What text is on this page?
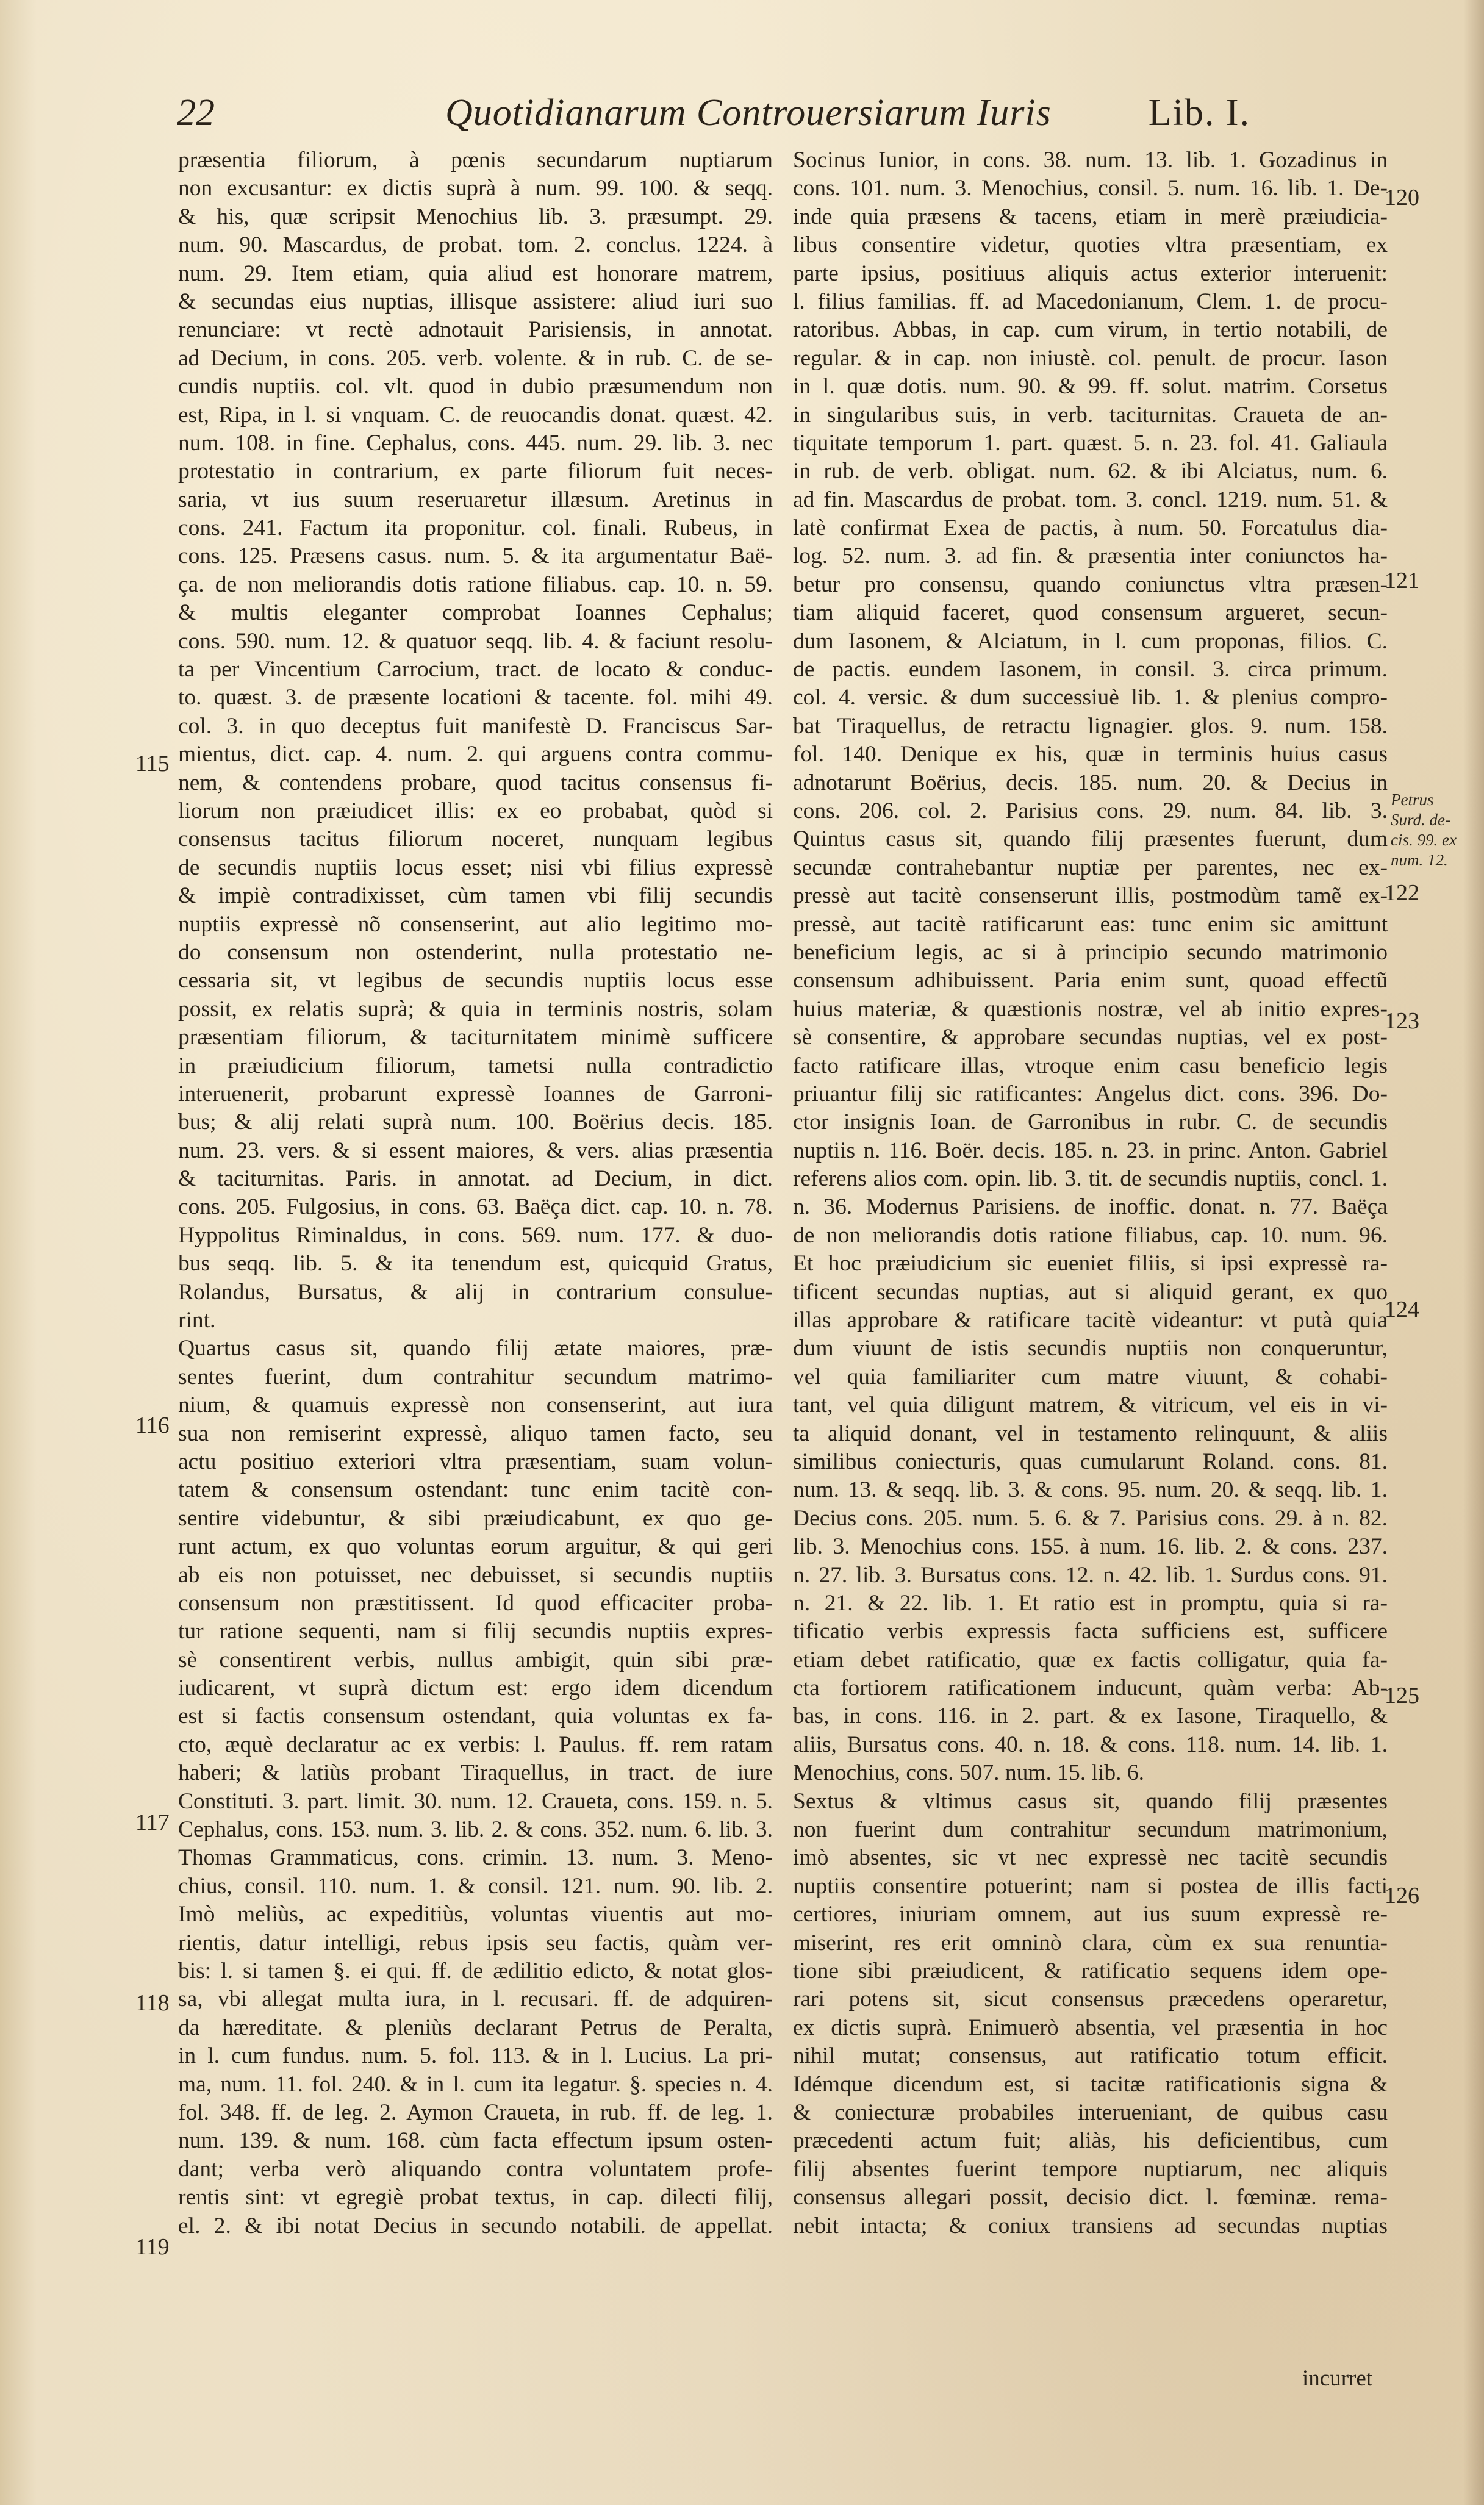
22	Quotidianarum Controuersiarum Iuris	Lib. I.
præsentia filiorum, à pœnis secundarum nuptiarum
non excusantur: ex dictis suprà à num. 99. 100. & seqq.
& his, quæ scripsit Menochius lib. 3. præsumpt. 29.
num. 90. Mascardus, de probat. tom. 2. conclus. 1224. à
num. 29. Item etiam, quia aliud est honorare matrem,
& secundas eius nuptias, illisque assistere: aliud iuri suo
renunciare: vt rectè adnotauit Parisiensis, in annotat.
ad Decium, in cons. 205. verb. volente. & in rub. C. de se-
cundis nuptiis. col. vlt. quod in dubio præsumendum non
est, Ripa, in l. si vnquam. C. de reuocandis donat. quæst. 42.
num. 108. in fine. Cephalus, cons. 445. num. 29. lib. 3. nec
protestatio in contrarium, ex parte filiorum fuit neces-
saria, vt ius suum reseruaretur illæsum. Aretinus in
cons. 241. Factum ita proponitur. col. finali. Rubeus, in
cons. 125. Præsens casus. num. 5. & ita argumentatur Baë-
ça. de non meliorandis dotis ratione filiabus. cap. 10. n. 59.
& multis eleganter comprobat Ioannes Cephalus;
cons. 590. num. 12. & quatuor seqq. lib. 4. & faciunt resolu-
ta per Vincentium Carrocium, tract. de locato & conduc-
to. quæst. 3. de præsente locationi & tacente. fol. mihi 49.
col. 3. in quo deceptus fuit manifestè D. Franciscus Sar-
mientus, dict. cap. 4. num. 2. qui arguens contra commu-
nem, & contendens probare, quod tacitus consensus fi-
liorum non præiudicet illis: ex eo probabat, quòd si
consensus tacitus filiorum noceret, nunquam legibus
de secundis nuptiis locus esset; nisi vbi filius expressè
& impiè contradixisset, cùm tamen vbi filij secundis
nuptiis expressè nõ consenserint, aut alio legitimo mo-
do consensum non ostenderint, nulla protestatio ne-
cessaria sit, vt legibus de secundis nuptiis locus esse
possit, ex relatis suprà; & quia in terminis nostris, solam
præsentiam filiorum, & taciturnitatem minimè sufficere
in præiudicium filiorum, tametsi nulla contradictio
interuenerit, probarunt expressè Ioannes de Garroni-
bus; & alij relati suprà num. 100. Boërius decis. 185.
num. 23. vers. & si essent maiores, & vers. alias præsentia
& taciturnitas. Paris. in annotat. ad Decium, in dict.
cons. 205. Fulgosius, in cons. 63. Baëça dict. cap. 10. n. 78.
Hyppolitus Riminaldus, in cons. 569. num. 177. & duo-
bus seqq. lib. 5. & ita tenendum est, quicquid Gratus,
Rolandus, Bursatus, & alij in contrarium consulue-
rint.
Quartus casus sit, quando filij ætate maiores, præ-
sentes fuerint, dum contrahitur secundum matrimo-
nium, & quamuis expressè non consenserint, aut iura
sua non remiserint expressè, aliquo tamen facto, seu
actu positiuo exteriori vltra præsentiam, suam volun-
tatem & consensum ostendant: tunc enim tacitè con-
sentire videbuntur, & sibi præiudicabunt, ex quo ge-
runt actum, ex quo voluntas eorum arguitur, & qui geri
ab eis non potuisset, nec debuisset, si secundis nuptiis
consensum non præstitissent. Id quod efficaciter proba-
tur ratione sequenti, nam si filij secundis nuptiis expres-
sè consentirent verbis, nullus ambigit, quin sibi præ-
iudicarent, vt suprà dictum est: ergo idem dicendum
est si factis consensum ostendant, quia voluntas ex fa-
cto, æquè declaratur ac ex verbis: l. Paulus. ff. rem ratam
haberi; & latiùs probant Tiraquellus, in tract. de iure
Constituti. 3. part. limit. 30. num. 12. Craueta, cons. 159. n. 5.
Cephalus, cons. 153. num. 3. lib. 2. & cons. 352. num. 6. lib. 3.
Thomas Grammaticus, cons. crimin. 13. num. 3. Meno-
chius, consil. 110. num. 1. & consil. 121. num. 90. lib. 2.
Imò meliùs, ac expeditiùs, voluntas viuentis aut mo-
rientis, datur intelligi, rebus ipsis seu factis, quàm ver-
bis: l. si tamen §. ei qui. ff. de ædilitio edicto, & notat glos-
sa, vbi allegat multa iura, in l. recusari. ff. de adquiren-
da hæreditate. & pleniùs declarant Petrus de Peralta,
in l. cum fundus. num. 5. fol. 113. & in l. Lucius. La pri-
ma, num. 11. fol. 240. & in l. cum ita legatur. §. species n. 4.
fol. 348. ff. de leg. 2. Aymon Craueta, in rub. ff. de leg. 1.
num. 139. & num. 168. cùm facta effectum ipsum osten-
dant; verba verò aliquando contra voluntatem profe-
rentis sint: vt egregiè probat textus, in cap. dilecti filij,
el. 2. & ibi notat Decius in secundo notabili. de appellat.
Socinus Iunior, in cons. 38. num. 13. lib. 1. Gozadinus in
cons. 101. num. 3. Menochius, consil. 5. num. 16. lib. 1. De-
inde quia præsens & tacens, etiam in merè præiudicia-
libus consentire videtur, quoties vltra præsentiam, ex
parte ipsius, positiuus aliquis actus exterior interuenit:
l. filius familias. ff. ad Macedonianum, Clem. 1. de procu-
ratoribus. Abbas, in cap. cum virum, in tertio notabili, de
regular. & in cap. non iniustè. col. penult. de procur. Iason
in l. quæ dotis. num. 90. & 99. ff. solut. matrim. Corsetus
in singularibus suis, in verb. taciturnitas. Craueta de an-
tiquitate temporum 1. part. quæst. 5. n. 23. fol. 41. Galiaula
in rub. de verb. obligat. num. 62. & ibi Alciatus, num. 6.
ad fin. Mascardus de probat. tom. 3. concl. 1219. num. 51. &
latè confirmat Exea de pactis, à num. 50. Forcatulus dia-
log. 52. num. 3. ad fin. & præsentia inter coniunctos ha-
betur pro consensu, quando coniunctus vltra præsen-
tiam aliquid faceret, quod consensum argueret, secun-
dum Iasonem, & Alciatum, in l. cum proponas, filios. C.
de pactis. eundem Iasonem, in consil. 3. circa primum.
col. 4. versic. & dum successiuè lib. 1. & plenius compro-
bat Tiraquellus, de retractu lignagier. glos. 9. num. 158.
fol. 140. Denique ex his, quæ in terminis huius casus
adnotarunt Boërius, decis. 185. num. 20. & Decius in
cons. 206. col. 2. Parisius cons. 29. num. 84. lib. 3.
Quintus casus sit, quando filij præsentes fuerunt, dum
secundæ contrahebantur nuptiæ per parentes, nec ex-
pressè aut tacitè consenserunt illis, postmodùm tamẽ ex-
pressè, aut tacitè ratificarunt eas: tunc enim sic amittunt
beneficium legis, ac si à principio secundo matrimonio
consensum adhibuissent. Paria enim sunt, quoad effectũ
huius materiæ, & quæstionis nostræ, vel ab initio expres-
sè consentire, & approbare secundas nuptias, vel ex post-
facto ratificare illas, vtroque enim casu beneficio legis
priuantur filij sic ratificantes: Angelus dict. cons. 396. Do-
ctor insignis Ioan. de Garronibus in rubr. C. de secundis
nuptiis n. 116. Boër. decis. 185. n. 23. in princ. Anton. Gabriel
referens alios com. opin. lib. 3. tit. de secundis nuptiis, concl. 1.
n. 36. Modernus Parisiens. de inoffic. donat. n. 77. Baëça
de non meliorandis dotis ratione filiabus, cap. 10. num. 96.
Et hoc præiudicium sic eueniet filiis, si ipsi expressè ra-
tificent secundas nuptias, aut si aliquid gerant, ex quo
illas approbare & ratificare tacitè videantur: vt putà quia
dum viuunt de istis secundis nuptiis non conqueruntur,
vel quia familiariter cum matre viuunt, & cohabi-
tant, vel quia diligunt matrem, & vitricum, vel eis in vi-
ta aliquid donant, vel in testamento relinquunt, & aliis
similibus coniecturis, quas cumularunt Roland. cons. 81.
num. 13. & seqq. lib. 3. & cons. 95. num. 20. & seqq. lib. 1.
Decius cons. 205. num. 5. 6. & 7. Parisius cons. 29. à n. 82.
lib. 3. Menochius cons. 155. à num. 16. lib. 2. & cons. 237.
n. 27. lib. 3. Bursatus cons. 12. n. 42. lib. 1. Surdus cons. 91.
n. 21. & 22. lib. 1. Et ratio est in promptu, quia si ra-
tificatio verbis expressis facta sufficiens est, sufficere
etiam debet ratificatio, quæ ex factis colligatur, quia fa-
cta fortiorem ratificationem inducunt, quàm verba: Ab-
bas, in cons. 116. in 2. part. & ex Iasone, Tiraquello, &
aliis, Bursatus cons. 40. n. 18. & cons. 118. num. 14. lib. 1.
Menochius, cons. 507. num. 15. lib. 6.
Sextus & vltimus casus sit, quando filij præsentes
non fuerint dum contrahitur secundum matrimonium,
imò absentes, sic vt nec expressè nec tacitè secundis
nuptiis consentire potuerint; nam si postea de illis facti
certiores, iniuriam omnem, aut ius suum expressè re-
miserint, res erit omninò clara, cùm ex sua renuntia-
tione sibi præiudicent, & ratificatio sequens idem ope-
rari potens sit, sicut consensus præcedens operaretur,
ex dictis suprà. Enimuerò absentia, vel præsentia in hoc
nihil mutat; consensus, aut ratificatio totum efficit.
Idémque dicendum est, si tacitæ ratificationis signa &
& coniecturæ probabiles interueniant, de quibus casu
præcedenti actum fuit; aliàs, his deficientibus, cum
filij absentes fuerint tempore nuptiarum, nec aliquis
consensus allegari possit, decisio dict. l. fœminæ. rema-
nebit intacta; & coniux transiens ad secundas nuptias
115
116
117
118
119
120
121
122
123
124
125
126
Petrus
Surd. de-
cis. 99. ex
num. 12.
incurret
